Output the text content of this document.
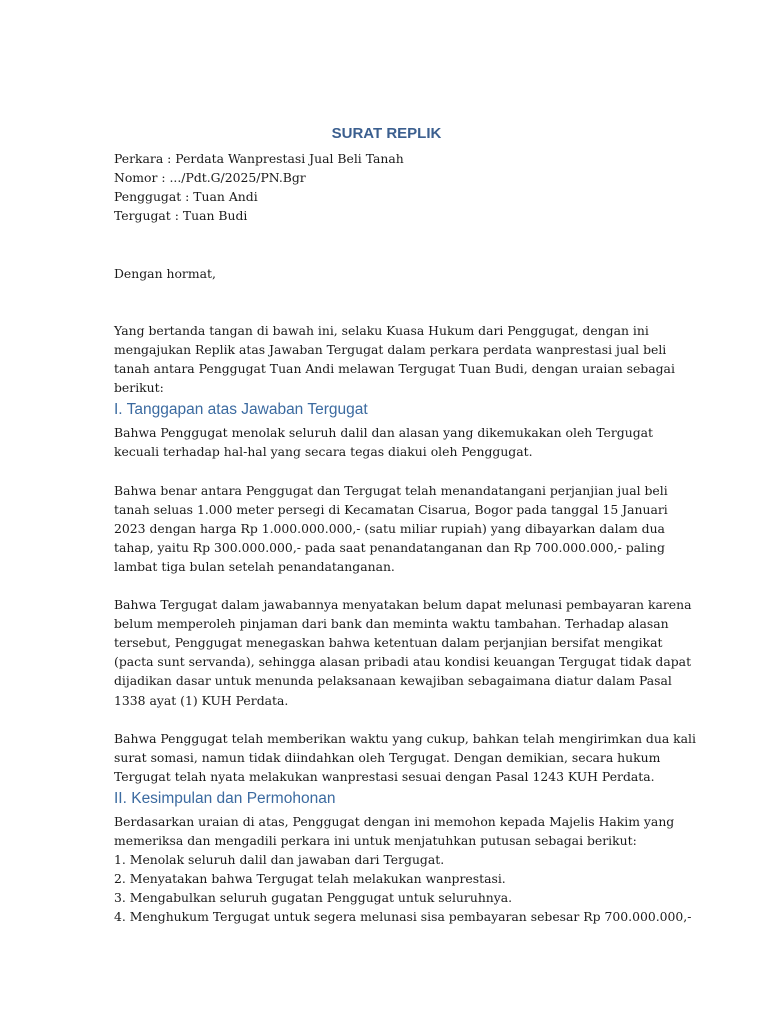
SURAT REPLIK

Perkara : Perdata Wanprestasi Jual Beli Tanah

Nomor : .../Pdt.G/2025/PN.Bgr

Penggugat : Tuan Andi

Tergugat : Tuan Budi

Dengan hormat,

Yang bertanda tangan di bawah ini, selaku Kuasa Hukum dari Penggugat, dengan ini

mengajukan Replik atas Jawaban Tergugat dalam perkara perdata wanprestasi jual beli

tanah antara Penggugat Tuan Andi melawan Tergugat Tuan Budi, dengan uraian sebagai

berikut:

I. Tanggapan atas Jawaban Tergugat

Bahwa Penggugat menolak seluruh dalil dan alasan yang dikemukakan oleh Tergugat

kecuali terhadap hal-hal yang secara tegas diakui oleh Penggugat.

Bahwa benar antara Penggugat dan Tergugat telah menandatangani perjanjian jual beli

tanah seluas 1.000 meter persegi di Kecamatan Cisarua, Bogor pada tanggal 15 Januari

2023 dengan harga Rp 1.000.000.000,- (satu miliar rupiah) yang dibayarkan dalam dua

tahap, yaitu Rp 300.000.000,- pada saat penandatanganan dan Rp 700.000.000,- paling

lambat tiga bulan setelah penandatanganan.

Bahwa Tergugat dalam jawabannya menyatakan belum dapat melunasi pembayaran karena

belum memperoleh pinjaman dari bank dan meminta waktu tambahan. Terhadap alasan

tersebut, Penggugat menegaskan bahwa ketentuan dalam perjanjian bersifat mengikat

(pacta sunt servanda), sehingga alasan pribadi atau kondisi keuangan Tergugat tidak dapat

dijadikan dasar untuk menunda pelaksanaan kewajiban sebagaimana diatur dalam Pasal

1338 ayat (1) KUH Perdata.

Bahwa Penggugat telah memberikan waktu yang cukup, bahkan telah mengirimkan dua kali

surat somasi, namun tidak diindahkan oleh Tergugat. Dengan demikian, secara hukum

Tergugat telah nyata melakukan wanprestasi sesuai dengan Pasal 1243 KUH Perdata.

II. Kesimpulan dan Permohonan

Berdasarkan uraian di atas, Penggugat dengan ini memohon kepada Majelis Hakim yang

memeriksa dan mengadili perkara ini untuk menjatuhkan putusan sebagai berikut:

1. Menolak seluruh dalil dan jawaban dari Tergugat.

2. Menyatakan bahwa Tergugat telah melakukan wanprestasi.

3. Mengabulkan seluruh gugatan Penggugat untuk seluruhnya.

4. Menghukum Tergugat untuk segera melunasi sisa pembayaran sebesar Rp 700.000.000,-
